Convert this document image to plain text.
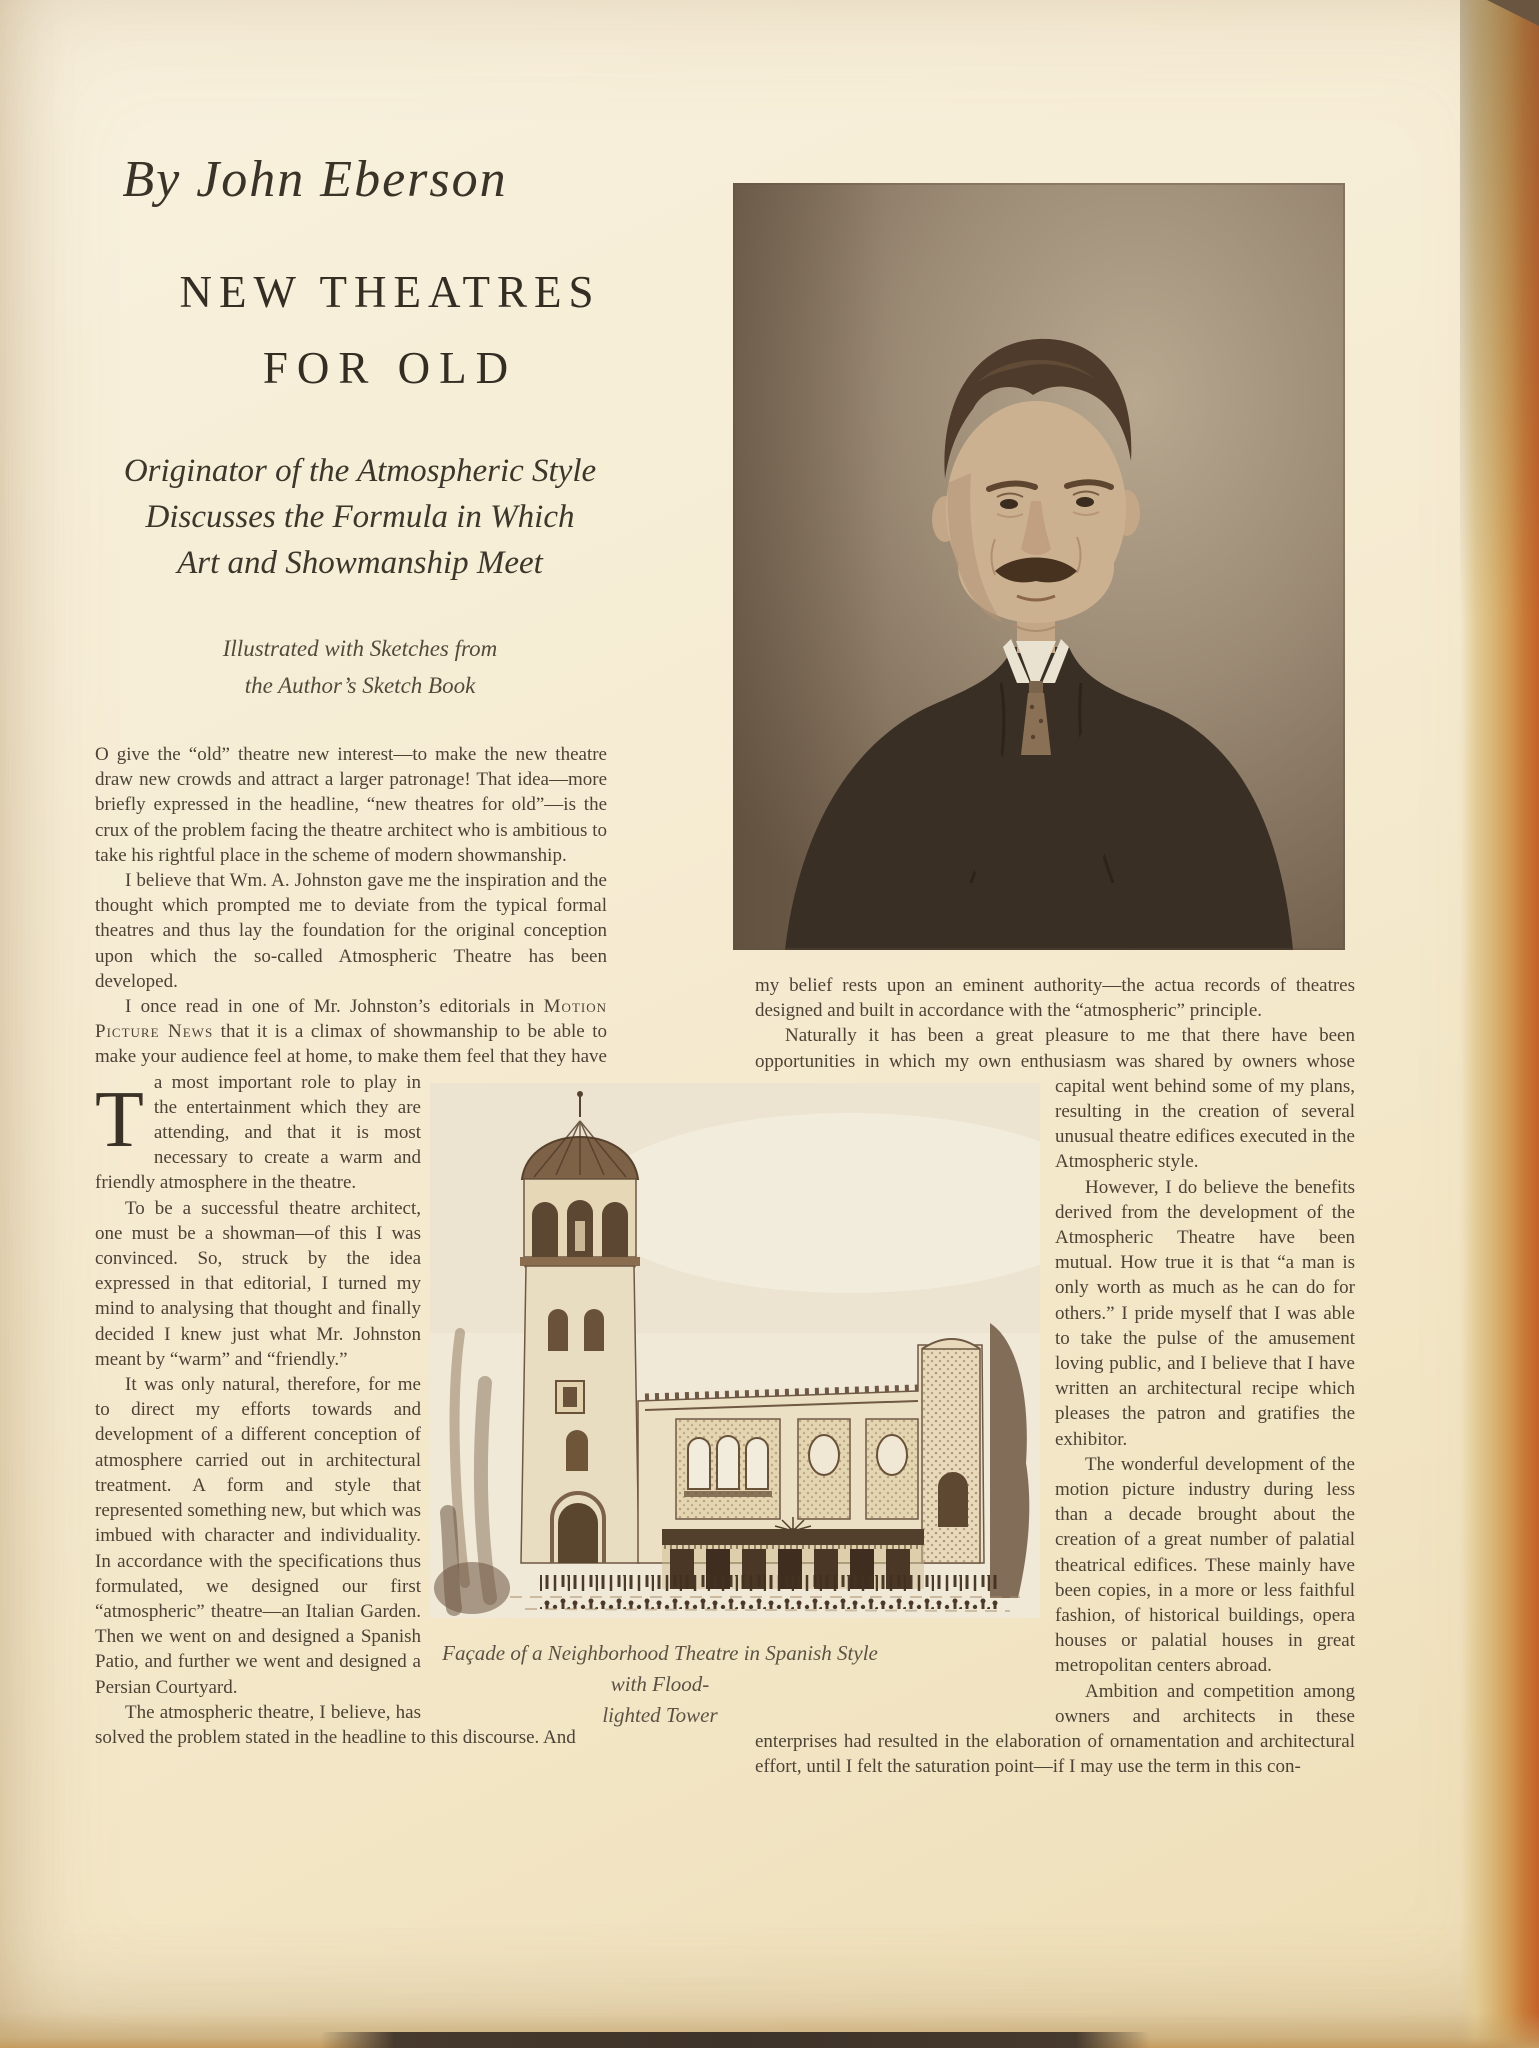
By John Eberson
NEW THEATRES
FOR OLD
Originator of the Atmospheric Style
Discusses the Formula in Which
Art and Showmanship Meet
Illustrated with Sketches from
the Author’s Sketch Book
Façade of a Neighborhood Theatre in Spanish Style with Flood-
lighted Tower

T
O give the “old” theatre new interest—to make the new theatre draw new crowds and attract a larger patronage! That idea—more briefly expressed in the headline, “new theatres for old”—is the crux of the problem facing the theatre architect who is ambitious to take his rightful place in the scheme of modern showmanship.

I believe that Wm. A. Johnston gave me the inspiration and the thought which prompted me to deviate from the typical formal theatres and thus lay the foundation for the original conception upon which the so-called Atmospheric Theatre has been developed.

I once read in one of Mr. Johnston’s editorials in Motion Picture News that it is a climax of showmanship to be able to make your audience feel at home, to make them feel that they have a most important role to play in the entertainment which they are attending, and that it is most necessary to create a warm and friendly atmosphere in the theatre.

To be a successful theatre architect, one must be a showman—of this I was convinced. So, struck by the idea expressed in that editorial, I turned my mind to analysing that thought and finally decided I knew just what Mr. Johnston meant by “warm” and “friendly.”

It was only natural, therefore, for me to direct my efforts towards and development of a different conception of atmosphere carried out in architectural treatment. A form and style that represented something new, but which was imbued with character and individuality. In accordance with the specifications thus formulated, we designed our first “atmospheric” theatre—an Italian Garden. Then we went on and designed a Spanish Patio, and further we went and designed a Persian Courtyard.

The atmospheric theatre, I believe, has solved the problem stated in the headline to this discourse. And

my belief rests upon an eminent authority—the actua records of theatres designed and built in accordance with the “atmospheric” principle.

Naturally it has been a great pleasure to me that there have been opportunities in which my own enthusiasm was shared by owners whose capital went behind some of my plans, resulting in the creation of several unusual theatre edifices executed in the Atmospheric style.

However, I do believe the benefits derived from the development of the Atmospheric Theatre have been mutual. How true it is that “a man is only worth as much as he can do for others.” I pride myself that I was able to take the pulse of the amusement loving public, and I believe that I have written an architectural recipe which pleases the patron and gratifies the exhibitor.

The wonderful development of the motion picture industry during less than a decade brought about the creation of a great number of palatial theatrical edifices. These mainly have been copies, in a more or less faithful fashion, of historical buildings, opera houses or palatial houses in great metropolitan centers abroad.

Ambition and competition among owners and architects in these enterprises had resulted in the elaboration of ornamentation and architectural effort, until I felt the saturation point—if I may use the term in this con-
